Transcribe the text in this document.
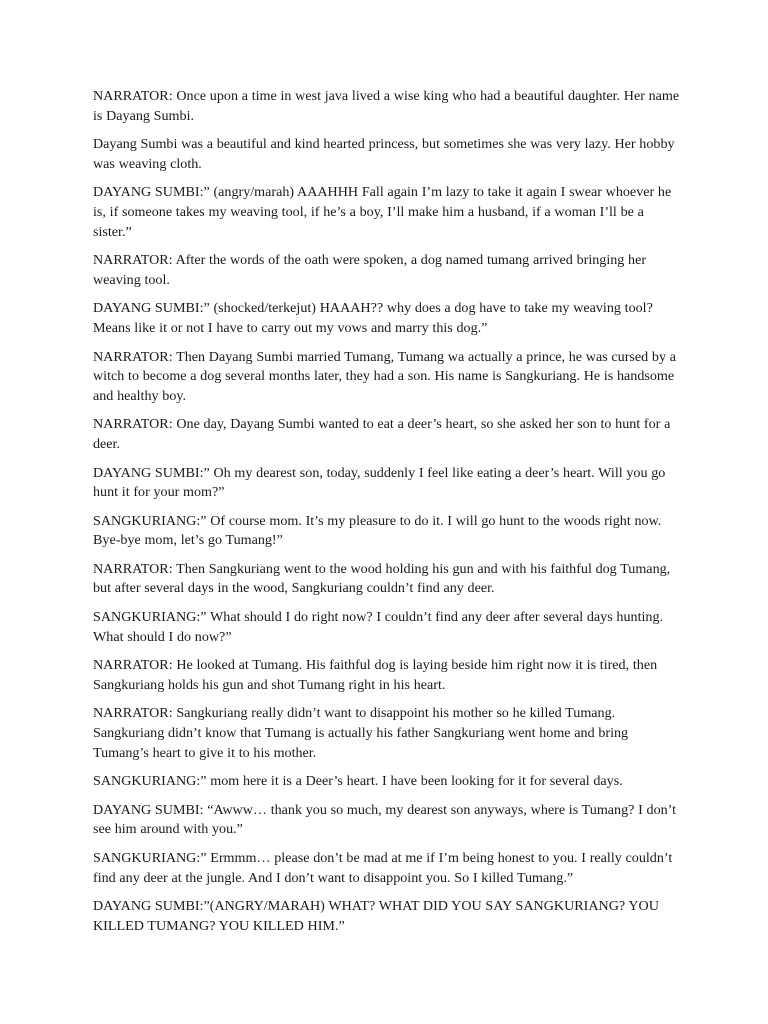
NARRATOR: Once upon a time in west java lived a wise king who had a beautiful daughter. Her name is Dayang Sumbi.

Dayang Sumbi was a beautiful and kind hearted princess, but sometimes she was very lazy. Her hobby was weaving cloth.

DAYANG SUMBI:” (angry/marah) AAAHHH Fall again I’m lazy to take it again I swear whoever he is, if someone takes my weaving tool, if he’s a boy, I’ll make him a husband, if a woman I’ll be a sister.”

NARRATOR: After the words of the oath were spoken, a dog named tumang arrived bringing her weaving tool.

DAYANG SUMBI:” (shocked/terkejut) HAAAH?? why does a dog have to take my weaving tool? Means like it or not I have to carry out my vows and marry this dog.”

NARRATOR: Then Dayang Sumbi married Tumang, Tumang wa actually a prince, he was cursed by a witch to become a dog several months later, they had a son. His name is Sangkuriang. He is handsome and healthy boy.

NARRATOR: One day, Dayang Sumbi wanted to eat a deer’s heart, so she asked her son to hunt for a deer.

DAYANG SUMBI:” Oh my dearest son, today, suddenly I feel like eating a deer’s heart. Will you go hunt it for your mom?”

SANGKURIANG:” Of course mom. It’s my pleasure to do it. I will go hunt to the woods right now. Bye-bye mom, let’s go Tumang!”

NARRATOR: Then Sangkuriang went to the wood holding his gun and with his faithful dog Tumang, but after several days in the wood, Sangkuriang couldn’t find any deer.

SANGKURIANG:” What should I do right now? I couldn’t find any deer after several days hunting. What should I do now?”

NARRATOR: He looked at Tumang. His faithful dog is laying beside him right now it is tired, then Sangkuriang holds his gun and shot Tumang right in his heart.

NARRATOR: Sangkuriang really didn’t want to disappoint his mother so he killed Tumang. Sangkuriang didn’t know that Tumang is actually his father Sangkuriang went home and bring Tumang’s heart to give it to his mother.

SANGKURIANG:” mom here it is a Deer’s heart. I have been looking for it for several days.

DAYANG SUMBI: “Awww… thank you so much, my dearest son anyways, where is Tumang? I don’t see him around with you.”

SANGKURIANG:” Ermmm… please don’t be mad at me if I’m being honest to you. I really couldn’t find any deer at the jungle. And I don’t want to disappoint you. So I killed Tumang.”

DAYANG SUMBI:”(ANGRY/MARAH) WHAT? WHAT DID YOU SAY SANGKURIANG? YOU KILLED TUMANG? YOU KILLED HIM.”
